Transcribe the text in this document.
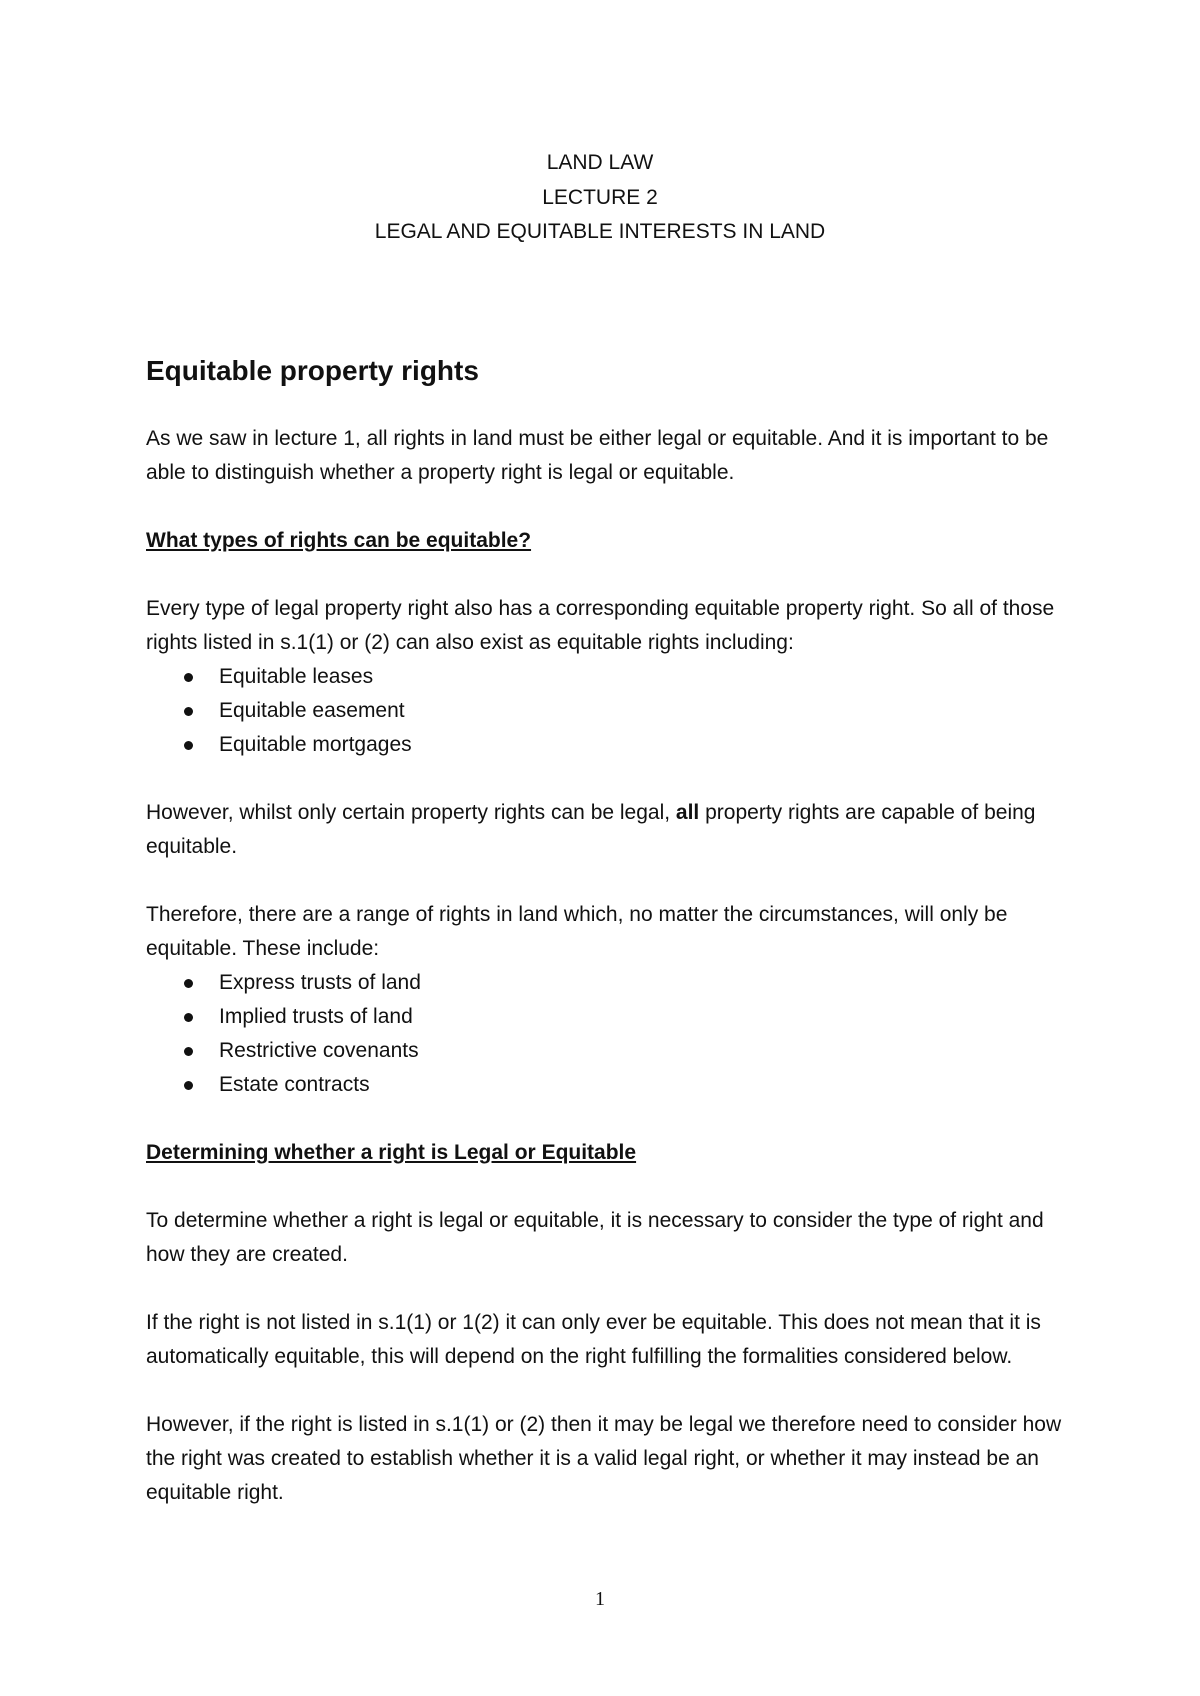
LAND LAW
LECTURE 2
LEGAL AND EQUITABLE INTERESTS IN LAND
Equitable property rights

As we saw in lecture 1, all rights in land must be either legal or equitable. And it is important to be able to distinguish whether a property right is legal or equitable.

What types of rights can be equitable?

Every type of legal property right also has a corresponding equitable property right. So all of those rights listed in s.1(1) or (2) can also exist as equitable rights including:

Equitable leases
Equitable easement
Equitable mortgages

However, whilst only certain property rights can be legal, all property rights are capable of being equitable.

Therefore, there are a range of rights in land which, no matter the circumstances, will only be equitable. These include:

Express trusts of land
Implied trusts of land
Restrictive covenants
Estate contracts

Determining whether a right is Legal or Equitable

To determine whether a right is legal or equitable, it is necessary to consider the type of right and how they are created.

If the right is not listed in s.1(1) or 1(2) it can only ever be equitable. This does not mean that it is automatically equitable, this will depend on the right fulfilling the formalities considered below.

However, if the right is listed in s.1(1) or (2) then it may be legal we therefore need to consider how the right was created to establish whether it is a valid legal right, or whether it may instead be an equitable right.

1
